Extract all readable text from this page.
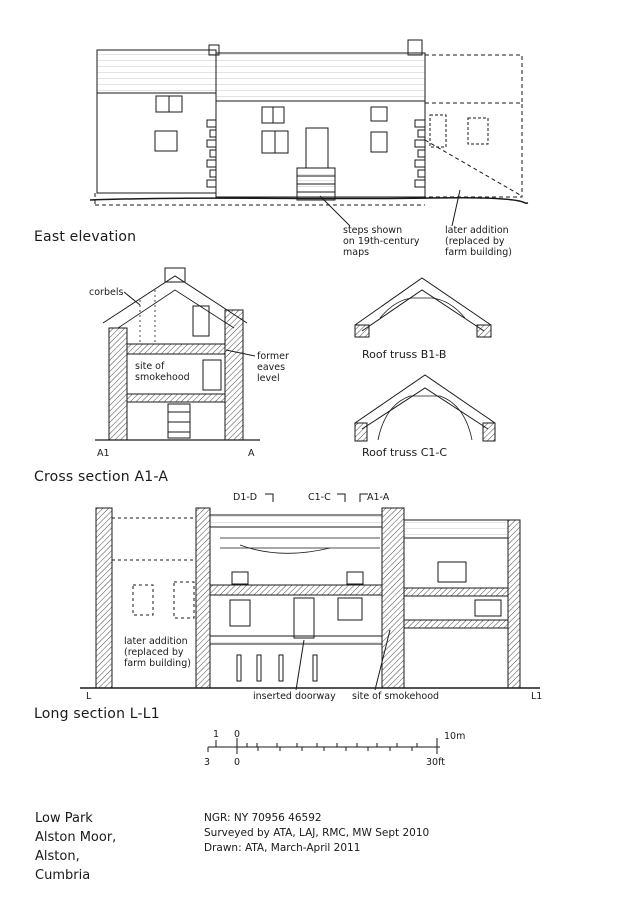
steps shown
on 19th-century
maps
later addition
(replaced by
farm building)
East elevation
corbels
former
eaves
level
site of
smokehood
A1	A
Roof truss B1-B
Roof truss C1-C
Cross section A1-A
D1-D	C1-C	A1-A
later addition
(replaced by
farm building)
inserted doorway site of smokehood
L	L1
Long section L-L1
1 0	10m
3	0	30ft
Low Park
Alston Moor,
Alston,
Cumbria
NGR: NY 70956 46592
Surveyed by ATA, LAJ, RMC, MW Sept 2010
Drawn: ATA, March-April 2011
